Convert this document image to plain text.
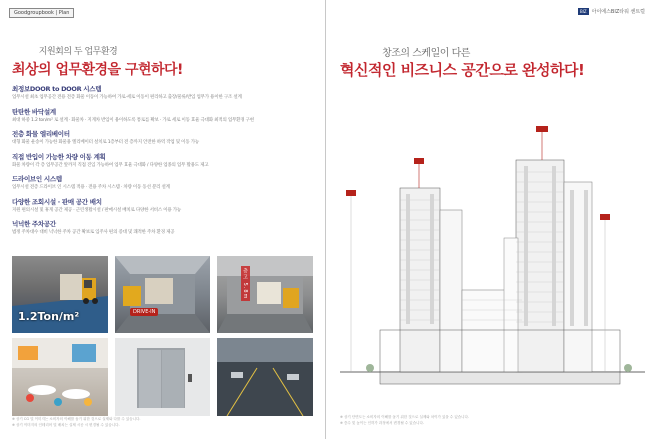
Goodgroupbook | Plan
지원회의 두 업무환경
최상의 업무환경을 구현하다!
최정보DOOR to DOOR 시스템
업무시설 최초 업무공간 전용 전층 화물 이동이 가능하여 가로·세로 이동이 편리하고 출장/물류/반입 업무가 용이한 구조 설계
탄탄한 바닥설계
최대 하중 1.2 ton/m² 로 설계 · 화물차 · 지게차 반입이 용이하도록 통로를 확보 · 가로 세로 이동 효율 극대화 최적의 업무환경 구현
전층 화물 엘리베이터
대형 화물 운송이 가능한 화물용 엘리베이터 설치로 1층부터 전 층까지 안전한 하역 작업 및 이동 가능
직접 반입이 가능한 차량 이동 계획
화물 차량이 각 층 업무공간 앞까지 직접 진입 가능하여 업무 효율 극대화 / 다양한 업종의 업무 활용도 제고
드라이브인 시스템
업무시설 전층 드라이브 인 시스템 적용 · 전용 주차 시스템 · 차량 이동 동선 분리 설계
다양한 조회시설 · 판매 공간 배치
지원 편의시설 및 휴게 공간 제공 · 근린생활시설 / 판매시설 배치로 다양한 서비스 이용 가능
넉넉한 주차공간
법정 주차대수 대비 넉넉한 주차 공간 확보로 입주사 편의 증대 및 쾌적한 주차 환경 제공
1.2Ton/m²	DRIVE-IN
층고 5.8m
※ 상기 CG 및 이미지는 소비자의 이해를 돕기 위한 것으로 실제와 다를 수 있습니다.
※ 상기 이미지의 인테리어 및 배치는 실제 시공 시 변경될 수 있습니다.
BIZ	아이에스BIZ타워 센트럴
창조의 스케일이 다른
혁신적인 비즈니스 공간으로 완성하다!
※ 상기 단면도는 소비자의 이해를 돕기 위한 것으로 실제와 차이가 있을 수 있습니다.
※ 층수 및 높이는 인허가 과정에서 변경될 수 있습니다.
